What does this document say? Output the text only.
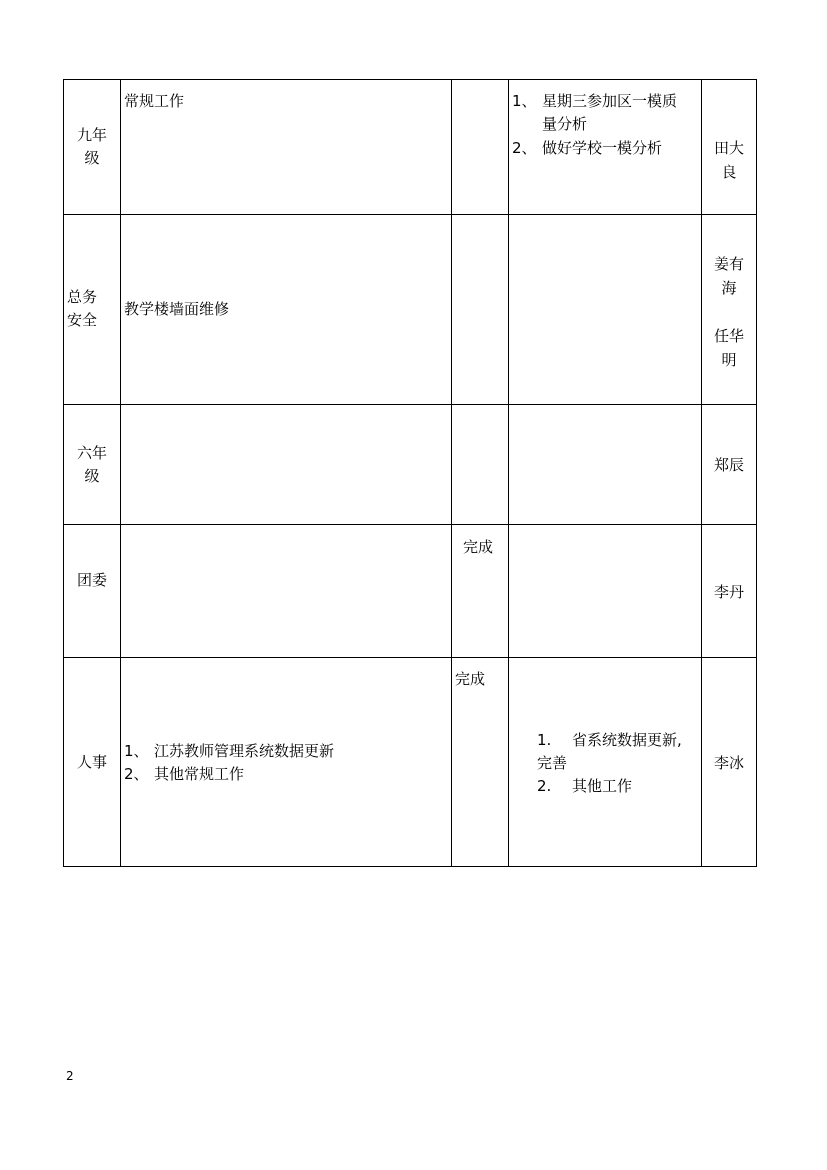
九年
级
常规工作	1、 星期三参加区一模质
量分析
2、 做好学校一模分析	田大
良
总务
安全
教学楼墙面维修
姜有
海
任华
明
六年
级
郑辰
团委
完成
李丹
人事
1、 江苏教师管理系统数据更新
2、 其他常规工作
完成
1. 省系统数据更新,
完善
2. 其他工作
李冰
2
